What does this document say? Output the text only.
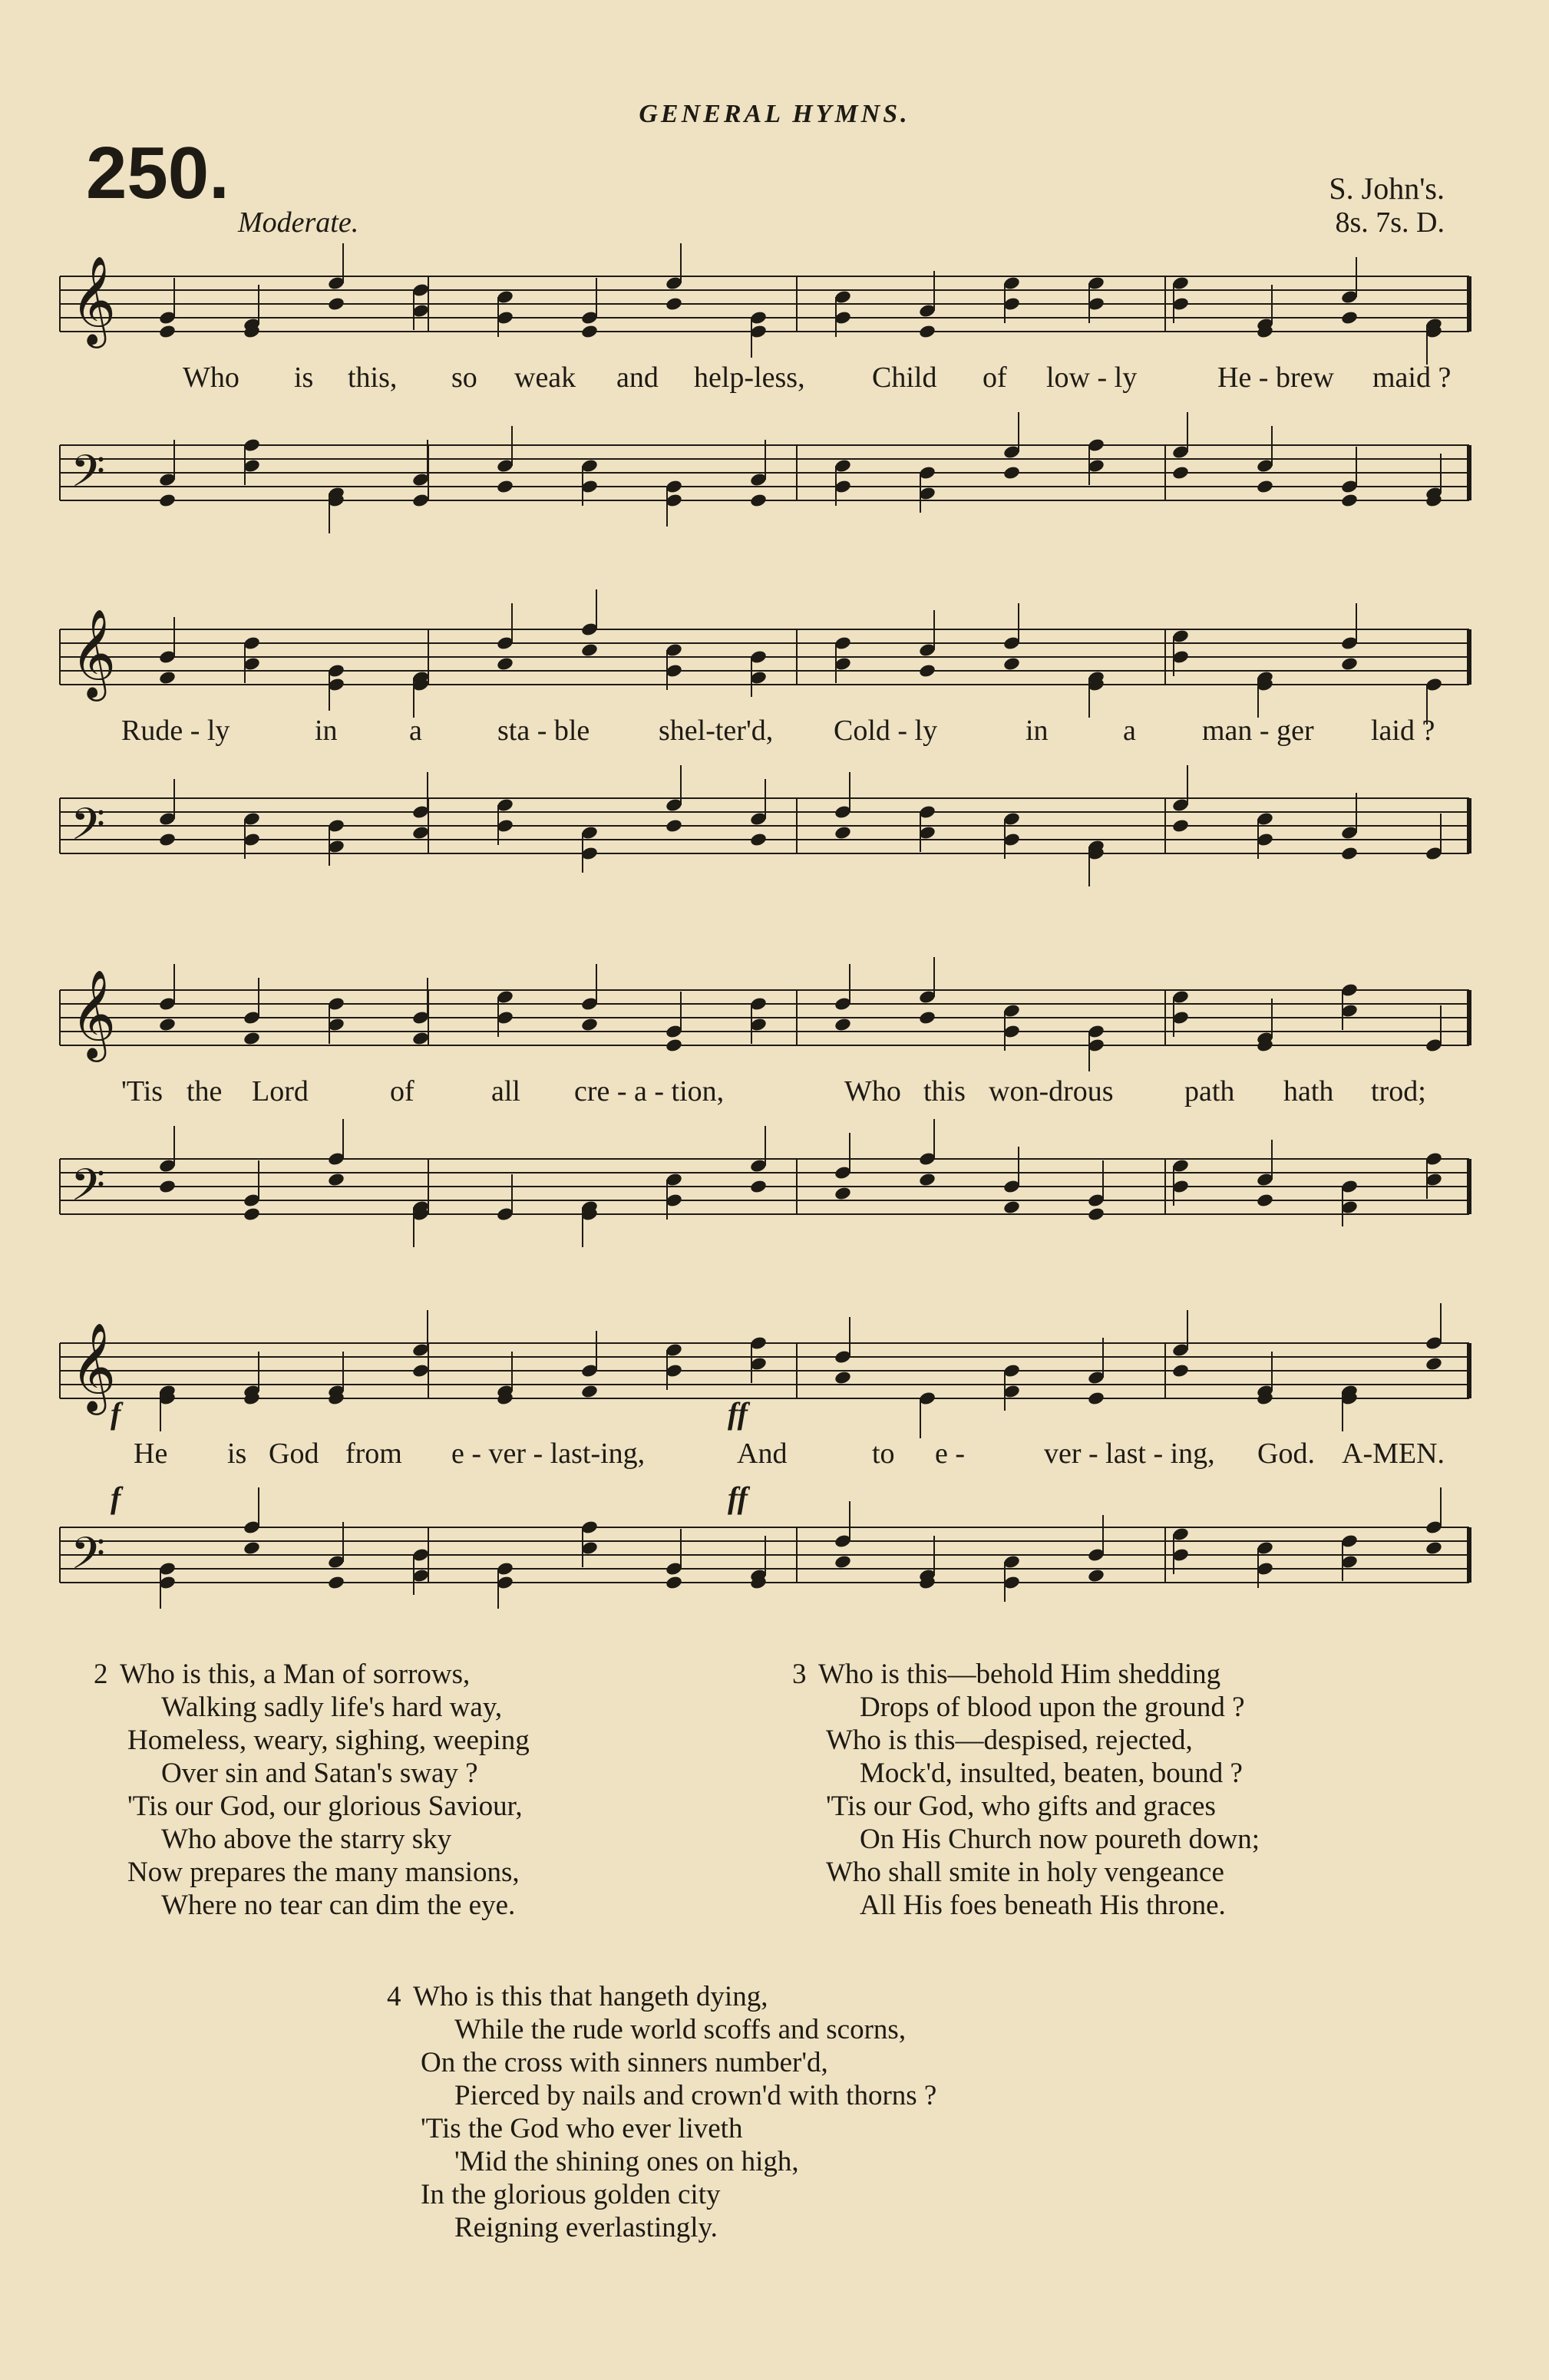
GENERAL HYMNS.
250.
Moderate.
S. John's.
8s. 7s. D.
𝄞
Who is this, so weak and help-less, Child of low - ly	He - brew maid ?
𝄢
𝄞
Rude - ly	in a	sta - ble shel-ter'd, Cold - ly	in	a man - ger laid ?
𝄢
𝄞
'Tis the Lord	of	all cre - a - tion,	Who this won-drous path hath trod;
𝄢
𝄞
f	ff
He is God from e - ver - last-ing,	And	to e -	ver - last - ing, God. A-MEN.
f	ff
𝄢
2 Who is this, a Man of sorrows,
Walking sadly life's hard way,
Homeless, weary, sighing, weeping
Over sin and Satan's sway ?
'Tis our God, our glorious Saviour,
Who above the starry sky
Now prepares the many mansions,
Where no tear can dim the eye.
3 Who is this—behold Him shedding
Drops of blood upon the ground ?
Who is this—despised, rejected,
Mock'd, insulted, beaten, bound ?
'Tis our God, who gifts and graces
On His Church now poureth down;
Who shall smite in holy vengeance
All His foes beneath His throne.
4 Who is this that hangeth dying,
While the rude world scoffs and scorns,
On the cross with sinners number'd,
Pierced by nails and crown'd with thorns ?
'Tis the God who ever liveth
'Mid the shining ones on high,
In the glorious golden city
Reigning everlastingly.
